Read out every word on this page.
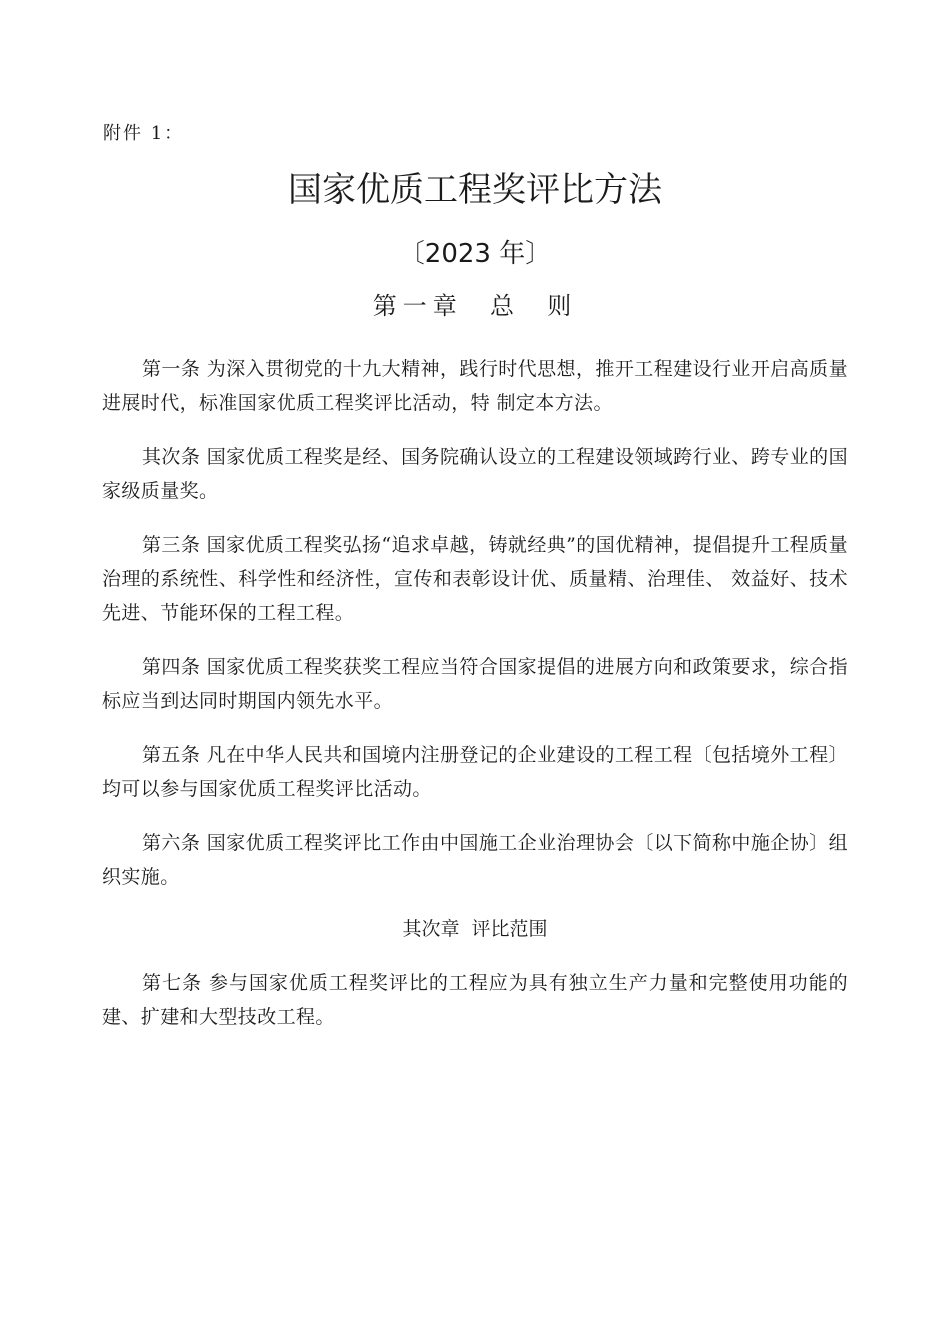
附件 1：
国家优质工程奖评比方法
〔2023 年〕
第一章  总  则

第一条 为深入贯彻党的十九大精神，践行时代思想，推开工程建设行业开启高质量进展时代，标准国家优质工程奖评比活动，特 制定本方法。

其次条 国家优质工程奖是经、国务院确认设立的工程建设领域跨行业、跨专业的国家级质量奖。

第三条 国家优质工程奖弘扬“追求卓越，铸就经典”的国优精神，提倡提升工程质量治理的系统性、科学性和经济性，宣传和表彰设计优、质量精、治理佳、 效益好、技术先进、节能环保的工程工程。

第四条 国家优质工程奖获奖工程应当符合国家提倡的进展方向和政策要求，综合指标应当到达同时期国内领先水平。

第五条 凡在中华人民共和国境内注册登记的企业建设的工程工程〔包括境外工程〕均可以参与国家优质工程奖评比活动。

第六条 国家优质工程奖评比工作由中国施工企业治理协会〔以下简称中施企协〕组织实施。

其次章  评比范围

第七条 参与国家优质工程奖评比的工程应为具有独立生产力量和完整使用功能的建、扩建和大型技改工程。
